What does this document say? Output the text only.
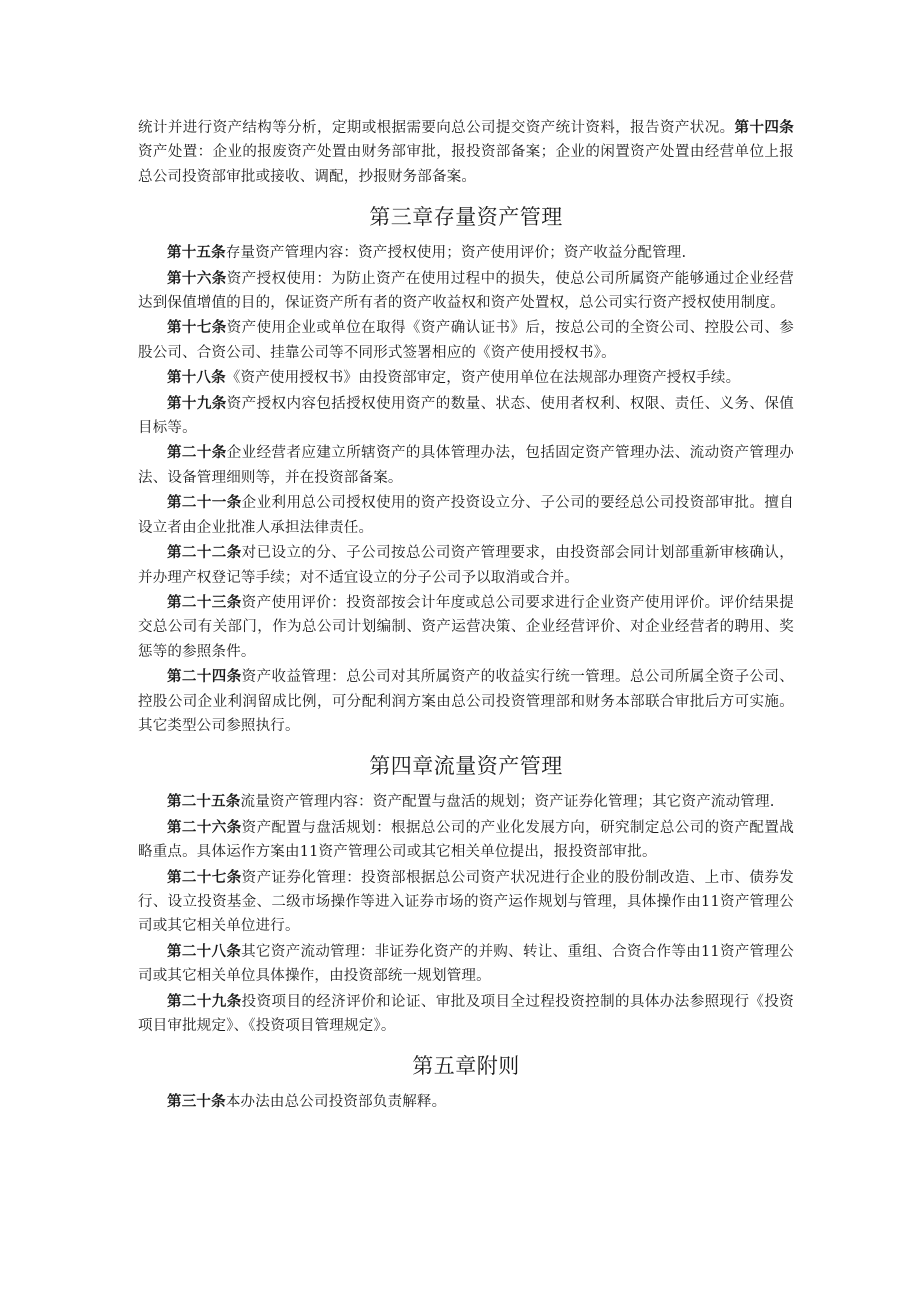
统计并进行资产结构等分析，定期或根据需要向总公司提交资产统计资料，报告资产状况。第十四条资产处置：企业的报废资产处置由财务部审批，报投资部备案；企业的闲置资产处置由经营单位上报总公司投资部审批或接收、调配，抄报财务部备案。

第三章存量资产管理

第十五条存量资产管理内容：资产授权使用；资产使用评价；资产收益分配管理.

第十六条资产授权使用：为防止资产在使用过程中的损失，使总公司所属资产能够通过企业经营达到保值增值的目的，保证资产所有者的资产收益权和资产处置权，总公司实行资产授权使用制度。

第十七条资产使用企业或单位在取得《资产确认证书》后，按总公司的全资公司、控股公司、参股公司、合资公司、挂靠公司等不同形式签署相应的《资产使用授权书》。

第十八条《资产使用授权书》由投资部审定，资产使用单位在法规部办理资产授权手续。

第十九条资产授权内容包括授权使用资产的数量、状态、使用者权利、权限、责任、义务、保值目标等。

第二十条企业经营者应建立所辖资产的具体管理办法，包括固定资产管理办法、流动资产管理办法、设备管理细则等，并在投资部备案。

第二十一条企业利用总公司授权使用的资产投资设立分、子公司的要经总公司投资部审批。擅自设立者由企业批准人承担法律责任。

第二十二条对已设立的分、子公司按总公司资产管理要求，由投资部会同计划部重新审核确认，并办理产权登记等手续；对不适宜设立的分子公司予以取消或合并。

第二十三条资产使用评价：投资部按会计年度或总公司要求进行企业资产使用评价。评价结果提交总公司有关部门，作为总公司计划编制、资产运营决策、企业经营评价、对企业经营者的聘用、奖惩等的参照条件。

第二十四条资产收益管理：总公司对其所属资产的收益实行统一管理。总公司所属全资子公司、控股公司企业利润留成比例，可分配利润方案由总公司投资管理部和财务本部联合审批后方可实施。其它类型公司参照执行。

第四章流量资产管理

第二十五条流量资产管理内容：资产配置与盘活的规划；资产证券化管理；其它资产流动管理.

第二十六条资产配置与盘活规划：根据总公司的产业化发展方向，研究制定总公司的资产配置战略重点。具体运作方案由11资产管理公司或其它相关单位提出，报投资部审批。

第二十七条资产证券化管理：投资部根据总公司资产状况进行企业的股份制改造、上市、债券发行、设立投资基金、二级市场操作等进入证券市场的资产运作规划与管理，具体操作由11资产管理公司或其它相关单位进行。

第二十八条其它资产流动管理：非证券化资产的并购、转让、重组、合资合作等由11资产管理公司或其它相关单位具体操作，由投资部统一规划管理。

第二十九条投资项目的经济评价和论证、审批及项目全过程投资控制的具体办法参照现行《投资项目审批规定》、《投资项目管理规定》。

第五章附则

第三十条本办法由总公司投资部负责解释。
